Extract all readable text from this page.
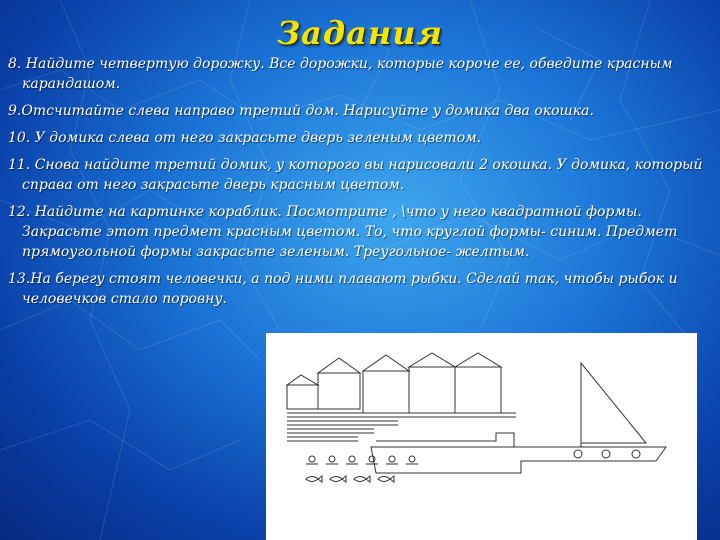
Задания
8. Найдите четвертую дорожку. Все дорожки, которые короче ее, обведите красным карандашом.
9.Отсчитайте слева направо третий дом. Нарисуйте у домика два окошка.
10. У домика слева от него закрасьте дверь зеленым цветом.
11. Снова найдите третий домик, у которого вы нарисовали 2 окошка. У домика, который справа от него закрасьте дверь красным цветом.
12. Найдите на картинке кораблик. Посмотрите , \что у него квадратной формы. Закрасьте этот предмет красным цветом. То, что круглой формы- синим. Предмет прямоугольной формы закрасьте зеленым. Треугольное- желтым.
13.На берегу стоят человечки, а под ними плавают рыбки. Сделай так, чтобы рыбок и человечков стало поровну.
